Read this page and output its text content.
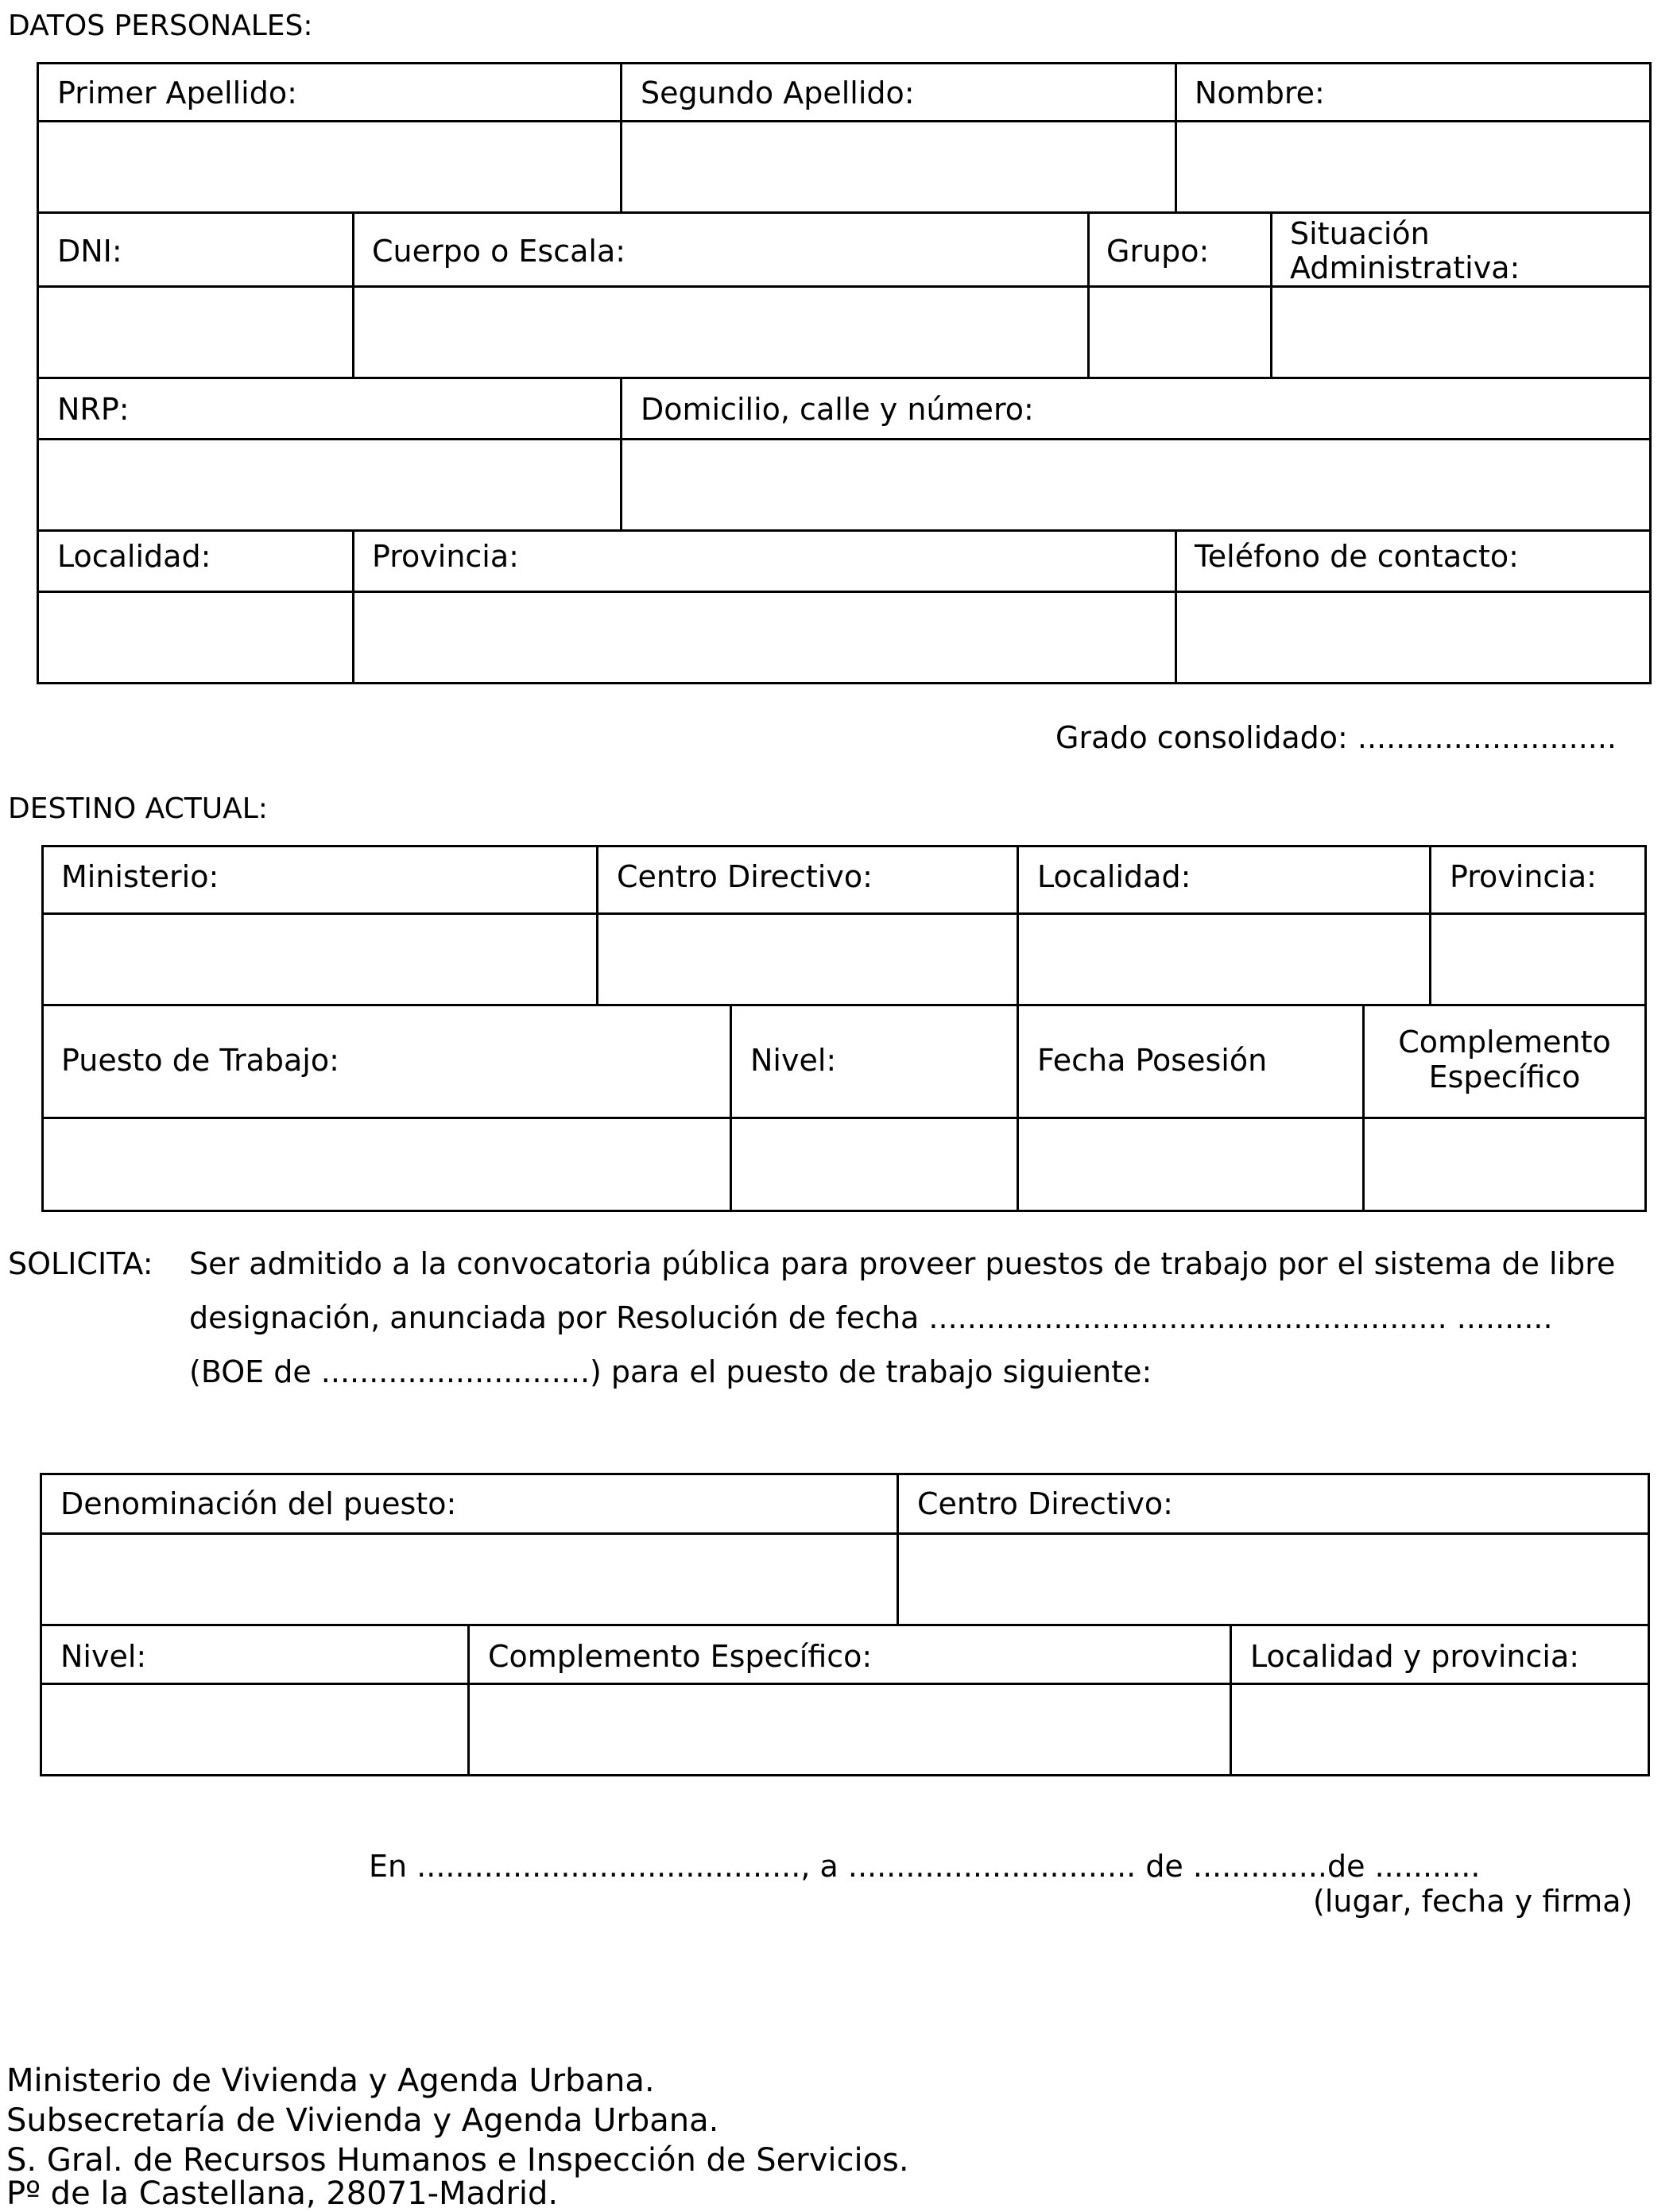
DATOS PERSONALES:
Primer Apellido:	Segundo Apellido:	Nombre:
DNI:	Cuerpo o Escala:	Grupo:	Situación
Administrativa:
NRP:	Domicilio, calle y número:
Localidad:	Provincia:	Teléfono de contacto:
Grado consolidado: ...........................
DESTINO ACTUAL:
Ministerio:	Centro Directivo:	Localidad:	Provincia:
Puesto de Trabajo:	Nivel:	Fecha Posesión
Complemento
Específico
SOLICITA: Ser admitido a la convocatoria pública para proveer puestos de trabajo por el sistema de libre
designación, anunciada por Resolución de fecha ...................................................... ..........
(BOE de ............................) para el puesto de trabajo siguiente:
Denominación del puesto:	Centro Directivo:
Nivel:	Complemento Específico:	Localidad y provincia:
En ........................................, a .............................. de ..............de ...........
(lugar, fecha y firma)
Ministerio de Vivienda y Agenda Urbana.
Subsecretaría de Vivienda y Agenda Urbana.
S. Gral. de Recursos Humanos e Inspección de Servicios.
Pº de la Castellana, 28071-Madrid.
